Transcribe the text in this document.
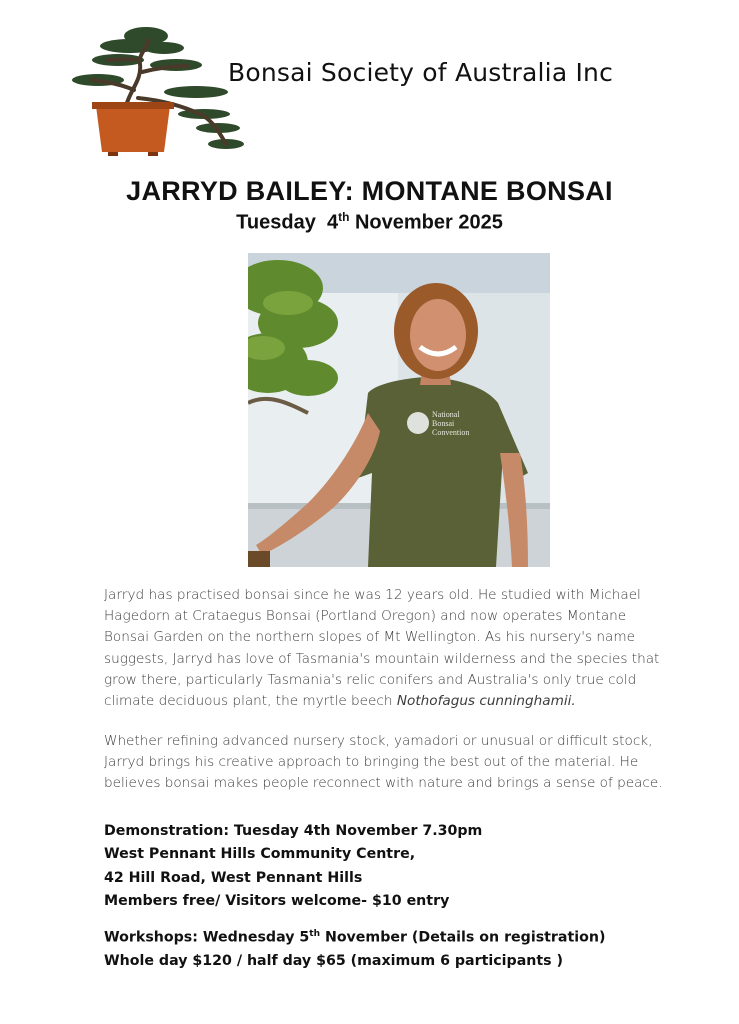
Bonsai Society of Australia Inc
JARRYD BAILEY: MONTANE BONSAI
Tuesday 4th November 2025
National
Bonsai
Convention
Jarryd has practised bonsai since he was 12 years old. He studied with Michael
Hagedorn at Crataegus Bonsai (Portland Oregon) and now operates Montane
Bonsai Garden on the northern slopes of Mt Wellington. As his nursery's name
suggests, Jarryd has love of Tasmania's mountain wilderness and the species that
grow there, particularly Tasmania's relic conifers and Australia's only true cold
climate deciduous plant, the myrtle beech Nothofagus cunninghamii.
Whether refining advanced nursery stock, yamadori or unusual or difficult stock,
Jarryd brings his creative approach to bringing the best out of the material. He
believes bonsai makes people reconnect with nature and brings a sense of peace.
Demonstration: Tuesday 4th November 7.30pm
West Pennant Hills Community Centre,
42 Hill Road, West Pennant Hills
Members free/ Visitors welcome- $10 entry
Workshops: Wednesday 5th November (Details on registration)
Whole day $120 / half day $65 (maximum 6 participants )
